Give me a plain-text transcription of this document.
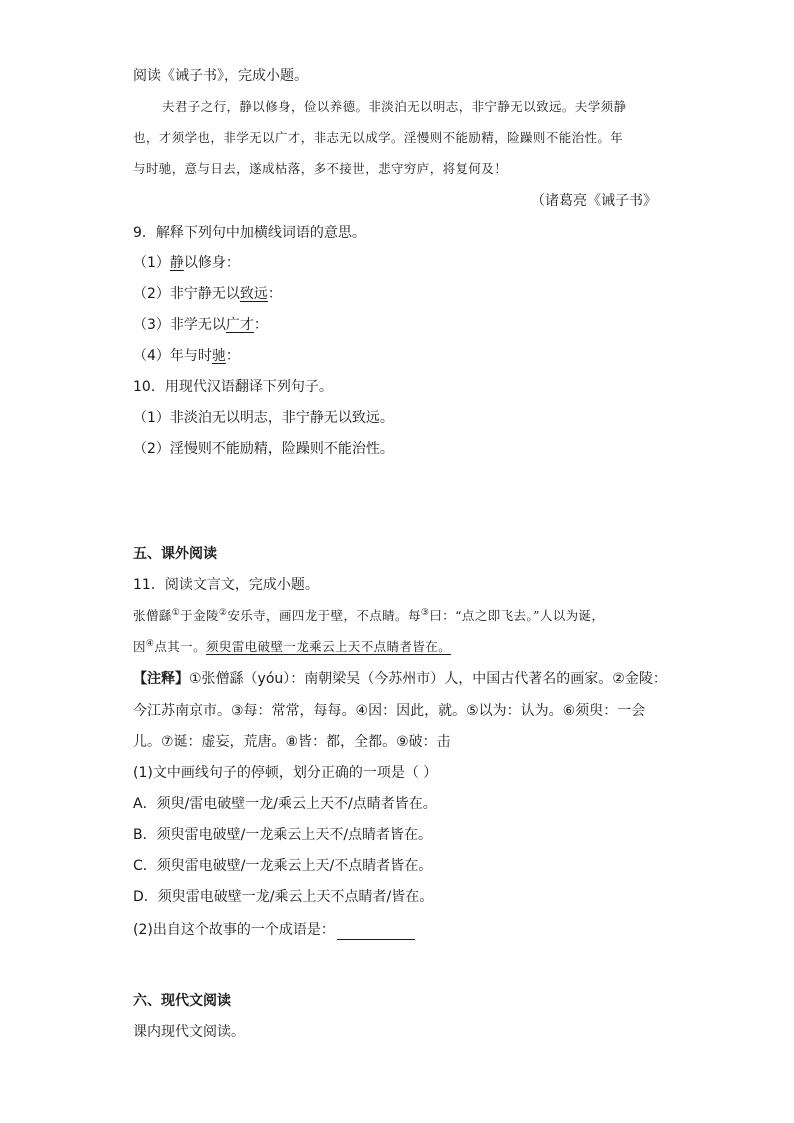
阅读《诫子书》，完成小题。
夫君子之行，静以修身，俭以养德。非淡泊无以明志，非宁静无以致远。夫学须静
也，才须学也，非学无以广才，非志无以成学。淫慢则不能励精，险躁则不能治性。年
与时驰，意与日去，遂成枯落，多不接世，悲守穷庐，将复何及！
（诸葛亮《诫子书》
9．解释下列句中加横线词语的意思。
（1）静以修身：
（2）非宁静无以致远：
（3）非学无以广才：
（4）年与时驰：
10．用现代汉语翻译下列句子。
（1）非淡泊无以明志，非宁静无以致远。
（2）淫慢则不能励精，险躁则不能治性。
五、课外阅读
11．阅读文言文，完成小题。
张僧繇①于金陵②安乐寺，画四龙于壁，不点睛。每③曰：“点之即飞去。”人以为诞，
因④点其一。须臾雷电破壁一龙乘云上天不点睛者皆在。
【注释】①张僧繇（yóu）：南朝梁吴（今苏州市）人，中国古代著名的画家。②金陵：
今江苏南京市。③每：常常，每每。④因：因此，就。⑤以为：认为。⑥须臾：一会
儿。⑦诞：虚妄，荒唐。⑧皆：都，全都。⑨破：击
(1)文中画线句子的停顿，划分正确的一项是（ ）
A．须臾/雷电破壁一龙/乘云上天不/点睛者皆在。
B．须臾雷电破壁/一龙乘云上天不/点睛者皆在。
C．须臾雷电破壁/一龙乘云上天/不点睛者皆在。
D．须臾雷电破壁一龙/乘云上天不点睛者/皆在。
(2)出自这个故事的一个成语是：
六、现代文阅读
课内现代文阅读。
